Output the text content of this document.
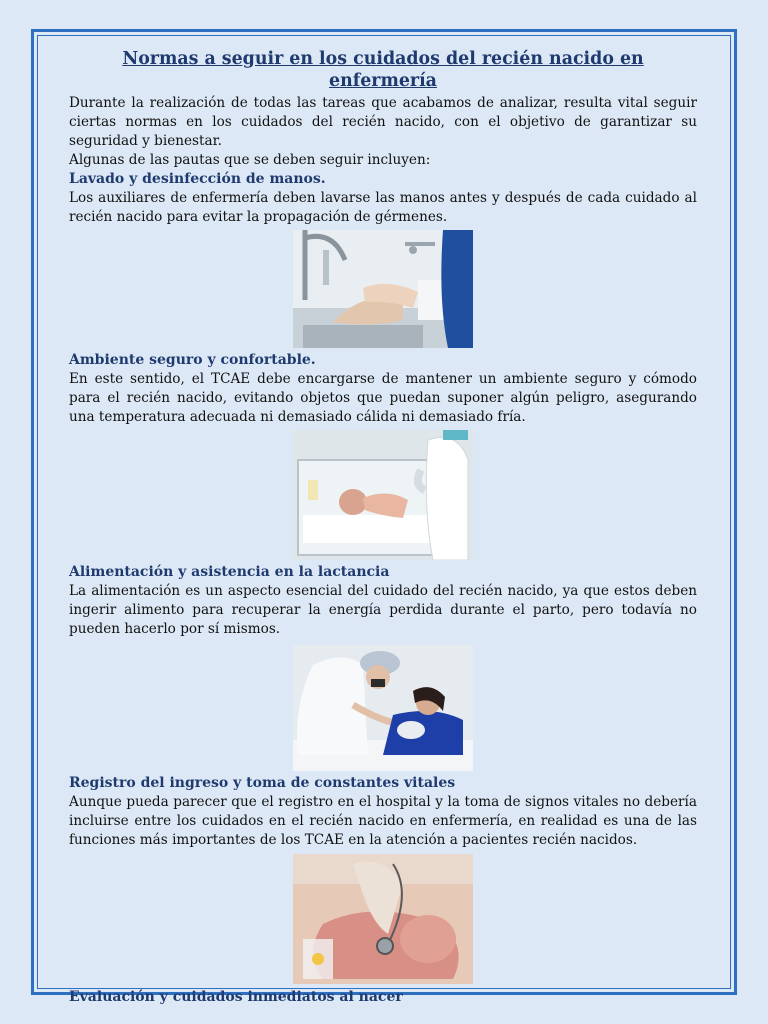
Normas a seguir en los cuidados del recién nacido en enfermería

Durante la realización de todas las tareas que acabamos de analizar, resulta vital seguir ciertas normas en los cuidados del recién nacido, con el objetivo de garantizar su seguridad y bienestar.

Algunas de las pautas que se deben seguir incluyen:

Lavado y desinfección de manos.

Los auxiliares de enfermería deben lavarse las manos antes y después de cada cuidado al recién nacido para evitar la propagación de gérmenes.

Ambiente seguro y confortable.

En este sentido, el TCAE debe encargarse de mantener un ambiente seguro y cómodo para el recién nacido, evitando objetos que puedan suponer algún peligro, asegurando una temperatura adecuada ni demasiado cálida ni demasiado fría.

Alimentación y asistencia en la lactancia

La alimentación es un aspecto esencial del cuidado del recién nacido, ya que estos deben ingerir alimento para recuperar la energía perdida durante el parto, pero todavía no pueden hacerlo por sí mismos.

Registro del ingreso y toma de constantes vitales

Aunque pueda parecer que el registro en el hospital y la toma de signos vitales no debería incluirse entre los cuidados en el recién nacido en enfermería, en realidad es una de las funciones más importantes de los TCAE en la atención a pacientes recién nacidos.

Evaluación y cuidados inmediatos al nacer
